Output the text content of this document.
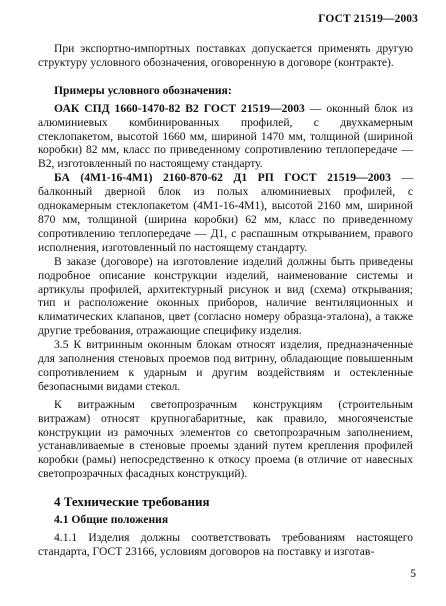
ГОСТ 21519—2003

При экспортно-импортных поставках допускается применять другую структуру условного обозначения, оговоренную в договоре (контракте).

Примеры условного обозначения:

ОАК СПД 1660-1470-82 В2 ГОСТ 21519—2003 — оконный блок из алюминиевых комбинированных профилей, с двухкамерным стеклопакетом, высотой 1660 мм, шириной 1470 мм, толщиной (шириной коробки) 82 мм, класс по приведенному сопротивлению теплопередаче — В2, изготовленный по настоящему стандарту.

БА (4М1-16-4М1) 2160-870-62 Д1 РП ГОСТ 21519—2003 — балконный дверной блок из полых алюминиевых профилей, с однокамерным стеклопакетом (4М1-16-4М1), высотой 2160 мм, шириной 870 мм, толщиной (ширина коробки) 62 мм, класс по приведенному сопротивлению теплопередаче — Д1, с распашным открыванием, правого исполнения, изготовленный по настоящему стандарту.

В заказе (договоре) на изготовление изделий должны быть приведены подробное описание конструкции изделий, наименование системы и артикулы профилей, архитектурный рисунок и вид (схема) открывания; тип и расположение оконных приборов, наличие вентиляционных и климатических клапанов, цвет (согласно номеру образца-эталона), а также другие требования, отражающие специфику изделия.

3.5 К витринным оконным блокам относят изделия, предназначенные для заполнения стеновых проемов под витрину, обладающие повышенным сопротивлением к ударным и другим воздействиям и остекленные безопасными видами стекол.

К витражным светопрозрачным конструкциям (строительным витражам) относят крупногабаритные, как правило, многоячеистые конструкции из рамочных элементов со светопрозрачным заполнением, устанавливаемые в стеновые проемы зданий путем крепления профилей коробки (рамы) непосредственно к откосу проема (в отличие от навесных светопрозрачных фасадных конструкций).

4 Технические требования

4.1 Общие положения

4.1.1 Изделия должны соответствовать требованиям настоящего стандарта, ГОСТ 23166, условиям договоров на поставку и изготав-

5
